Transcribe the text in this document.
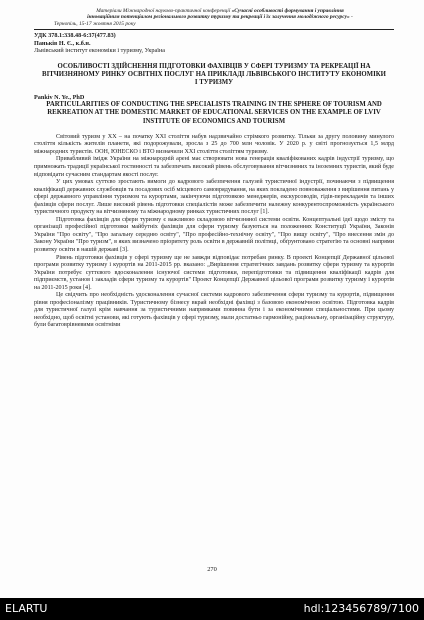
Матеріали Міжнародної науково-практичної конференції «Сучасні особливості формування і управління
інноваційним потенціалом регіонального розвитку туризму та рекреації і їх залучення молодіжного ресурсу» -
Тернопіль, 15-17 жовтня 2015 року
УДК 378.1:338.48-6:37(477.83)
Паньків Н. Є., к.б.н.
Львівський інститут економіки і туризму, Україна
ОСОБЛИВОСТІ ЗДІЙСНЕННЯ ПІДГОТОВКИ ФАХІВЦІВ У СФЕРІ ТУРИЗМУ ТА РЕКРЕАЦІЇ НА ВІТЧИЗНЯНОМУ РИНКУ ОСВІТНІХ ПОСЛУГ НА ПРИКЛАДІ ЛЬВІВСЬКОГО ІНСТИТУТУ ЕКОНОМІКИ І ТУРИЗМУ
Pankiv N. Ye., PhD
PARTICULARITIES OF CONDUCTING THE SPECIALISTS TRAINING IN THE SPHERE OF TOURISM AND REKREATION AT THE DOMESTIC MARKET OF EDUCATIONAL SERVICES ON THE EXAMPLE OF LVIV INSTITUTE OF ECONOMICS AND TOURISM

Світовий туризм у ХХ – на початку ХХІ століття набув надзвичайно стрімкого розвитку. Тільки за другу половину минулого століття кількість жителів планети, які подорожували, зросла з 25 до 700 млн чоловік. У 2020 р. у світі прогнозується 1,5 млрд міжнародних туристів. ООН, ЮНЕСКО і ВТО визначили ХХІ століття століттям туризму.

Привабливий імідж України на міжнародній арені має створювати нова генерація кваліфікованих кадрів індустрії туризму, що примножать традиції української гостинності та забезпечать високий рівень обслуговування вітчизняних та іноземних туристів, який буде відповідати сучасним стандартам якості послуг.

У цих умовах суттєво зростають вимоги до кадрового забезпечення галузей туристичної індустрії, починаючи з підвищення кваліфікації державних службовців та посадових осіб місцевого самоврядування, на яких покладено повноваження з вирішення питань у сфері державного управління туризмом та курортами, закінчуючи підготовкою менеджерів, екскурсоводів, гідів-перекладачів та інших фахівців сфери послуг. Лише високий рівень підготовки спеціалістів може забезпечити належну конкурентоспроможність українського туристичного продукту на вітчизняному та міжнародному ринках туристичних послуг [1].

Підготовка фахівців для сфери туризму є важливою складовою вітчизняної системи освіти. Концептуальні ідеї щодо змісту та організації професійної підготовки майбутніх фахівців для сфери туризму базуються на положеннях Конституції України, Законів України "Про освіту", "Про загальну середню освіту", "Про професійно-технічну освіту", "Про вищу освіту", "Про внесення змін до Закону України "Про туризм", в яких визначено пріоритету роль освіти в державній політиці, обґрунтовано стратегію та основні напрями розвитку освіти в нашій державі [3].

Рівень підготовки фахівців у сфері туризму ще не завжди відповідає потребам ринку. В проекті Концепції Державної цільової програми розвитку туризму і курортів на 2011-2015 рр. вказано: „Вирішення стратегічних завдань розвитку сфери туризму та курортів України потребує суттєвого вдосконалення існуючої системи підготовки, перепідготовки та підвищення кваліфікації кадрів для підприємств, установ і закладів сфери туризму та курортів" Проект Концепції Державної цільової програми розвитку туризму і курортів на 2011-2015 роки [4].

Це свідчить про необхідність удосконалення сучасної системи кадрового забезпечення сфери туризму та курортів, підвищення рівня професіоналізму працівників. Туристичному бізнесу вкрай необхідні фахівці з базовою економічною освітою. Підготовка кадрів для туристичної галузі крім навчання за туристичними напрямками повинна бути і за економічними спеціальностями. При цьому необхідно, щоб освітні установи, які готують фахівців у сфері туризму, мали достатньо гармонійну, раціональну, організаційну структуру, були багатоврівневими освітніми

270
ELARTU	hdl:123456789/7100
